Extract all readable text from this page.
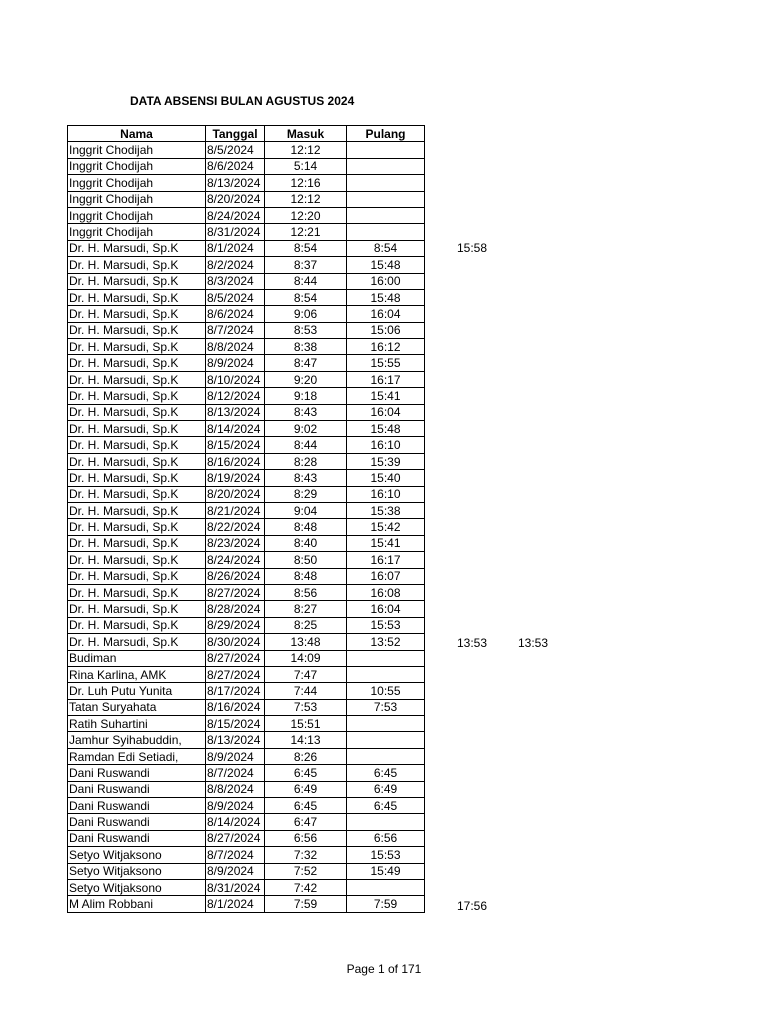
DATA ABSENSI BULAN AGUSTUS 2024
Nama	Tanggal	Masuk	Pulang
Inggrit Chodijah	8/5/2024	12:12	
Inggrit Chodijah	8/6/2024	5:14	
Inggrit Chodijah	8/13/2024	12:16	
Inggrit Chodijah	8/20/2024	12:12	
Inggrit Chodijah	8/24/2024	12:20	
Inggrit Chodijah	8/31/2024	12:21	
Dr. H. Marsudi, Sp.K	8/1/2024	8:54	8:54
Dr. H. Marsudi, Sp.K	8/2/2024	8:37	15:48
Dr. H. Marsudi, Sp.K	8/3/2024	8:44	16:00
Dr. H. Marsudi, Sp.K	8/5/2024	8:54	15:48
Dr. H. Marsudi, Sp.K	8/6/2024	9:06	16:04
Dr. H. Marsudi, Sp.K	8/7/2024	8:53	15:06
Dr. H. Marsudi, Sp.K	8/8/2024	8:38	16:12
Dr. H. Marsudi, Sp.K	8/9/2024	8:47	15:55
Dr. H. Marsudi, Sp.K	8/10/2024	9:20	16:17
Dr. H. Marsudi, Sp.K	8/12/2024	9:18	15:41
Dr. H. Marsudi, Sp.K	8/13/2024	8:43	16:04
Dr. H. Marsudi, Sp.K	8/14/2024	9:02	15:48
Dr. H. Marsudi, Sp.K	8/15/2024	8:44	16:10
Dr. H. Marsudi, Sp.K	8/16/2024	8:28	15:39
Dr. H. Marsudi, Sp.K	8/19/2024	8:43	15:40
Dr. H. Marsudi, Sp.K	8/20/2024	8:29	16:10
Dr. H. Marsudi, Sp.K	8/21/2024	9:04	15:38
Dr. H. Marsudi, Sp.K	8/22/2024	8:48	15:42
Dr. H. Marsudi, Sp.K	8/23/2024	8:40	15:41
Dr. H. Marsudi, Sp.K	8/24/2024	8:50	16:17
Dr. H. Marsudi, Sp.K	8/26/2024	8:48	16:07
Dr. H. Marsudi, Sp.K	8/27/2024	8:56	16:08
Dr. H. Marsudi, Sp.K	8/28/2024	8:27	16:04
Dr. H. Marsudi, Sp.K	8/29/2024	8:25	15:53
Dr. H. Marsudi, Sp.K	8/30/2024	13:48	13:52
Budiman	8/27/2024	14:09	
Rina Karlina, AMK	8/27/2024	7:47	
Dr. Luh Putu Yunita	8/17/2024	7:44	10:55
Tatan Suryahata	8/16/2024	7:53	7:53
Ratih Suhartini	8/15/2024	15:51	
Jamhur Syihabuddin,	8/13/2024	14:13	
Ramdan Edi Setiadi,	8/9/2024	8:26	
Dani Ruswandi	8/7/2024	6:45	6:45
Dani Ruswandi	8/8/2024	6:49	6:49
Dani Ruswandi	8/9/2024	6:45	6:45
Dani Ruswandi	8/14/2024	6:47	
Dani Ruswandi	8/27/2024	6:56	6:56
Setyo Witjaksono	8/7/2024	7:32	15:53
Setyo Witjaksono	8/9/2024	7:52	15:49
Setyo Witjaksono	8/31/2024	7:42	
M Alim Robbani	8/1/2024	7:59	7:59
15:58
13:53	13:53
17:56
Page 1 of 171
